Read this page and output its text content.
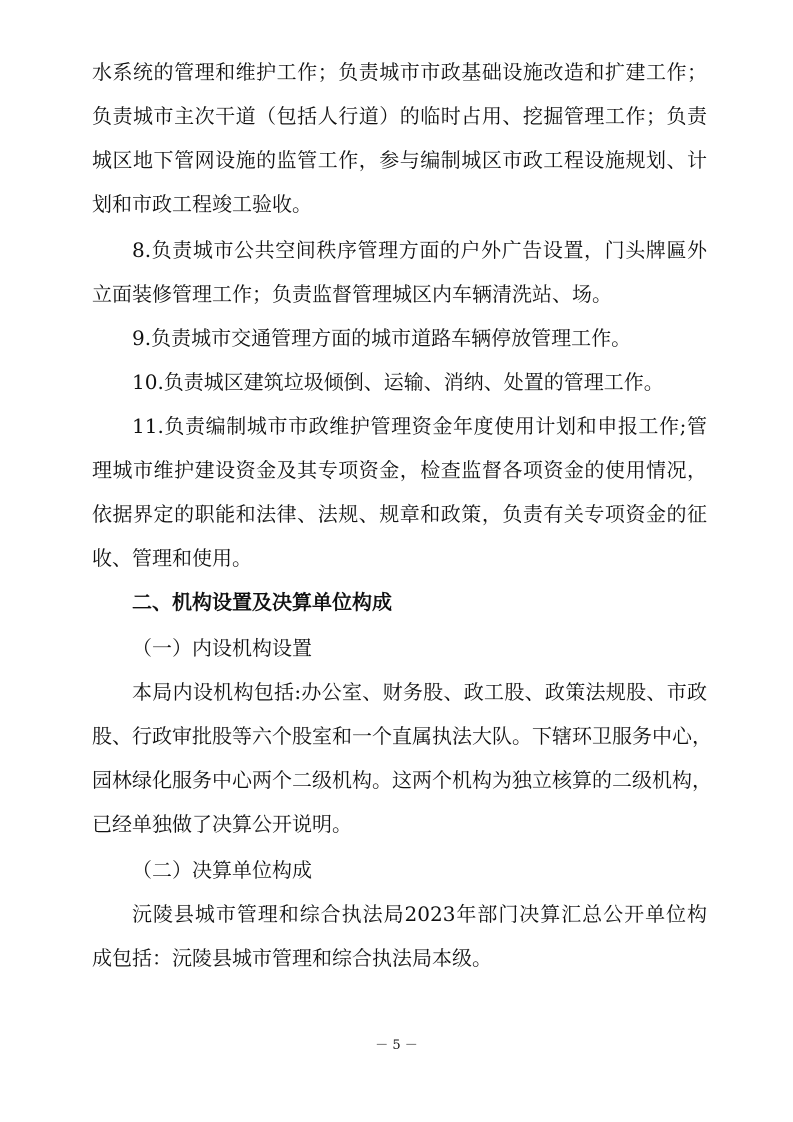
水系统的管理和维护工作；负责城市市政基础设施改造和扩建工作；
负责城市主次干道（包括人行道）的临时占用、挖掘管理工作；负责
城区地下管网设施的监管工作，参与编制城区市政工程设施规划、计
划和市政工程竣工验收。
8.负责城市公共空间秩序管理方面的户外广告设置，门头牌匾外
立面装修管理工作；负责监督管理城区内车辆清洗站、场。
9.负责城市交通管理方面的城市道路车辆停放管理工作。
10.负责城区建筑垃圾倾倒、运输、消纳、处置的管理工作。
11.负责编制城市市政维护管理资金年度使用计划和申报工作;管
理城市维护建设资金及其专项资金，检查监督各项资金的使用情况，
依据界定的职能和法律、法规、规章和政策，负责有关专项资金的征
收、管理和使用。
二、机构设置及决算单位构成
（一）内设机构设置
本局内设机构包括:办公室、财务股、政工股、政策法规股、市政
股、行政审批股等六个股室和一个直属执法大队。下辖环卫服务中心，
园林绿化服务中心两个二级机构。这两个机构为独立核算的二级机构，
已经单独做了决算公开说明。
（二）决算单位构成
沅陵县城市管理和综合执法局2023年部门决算汇总公开单位构
成包括：沅陵县城市管理和综合执法局本级。
－ 5 －
